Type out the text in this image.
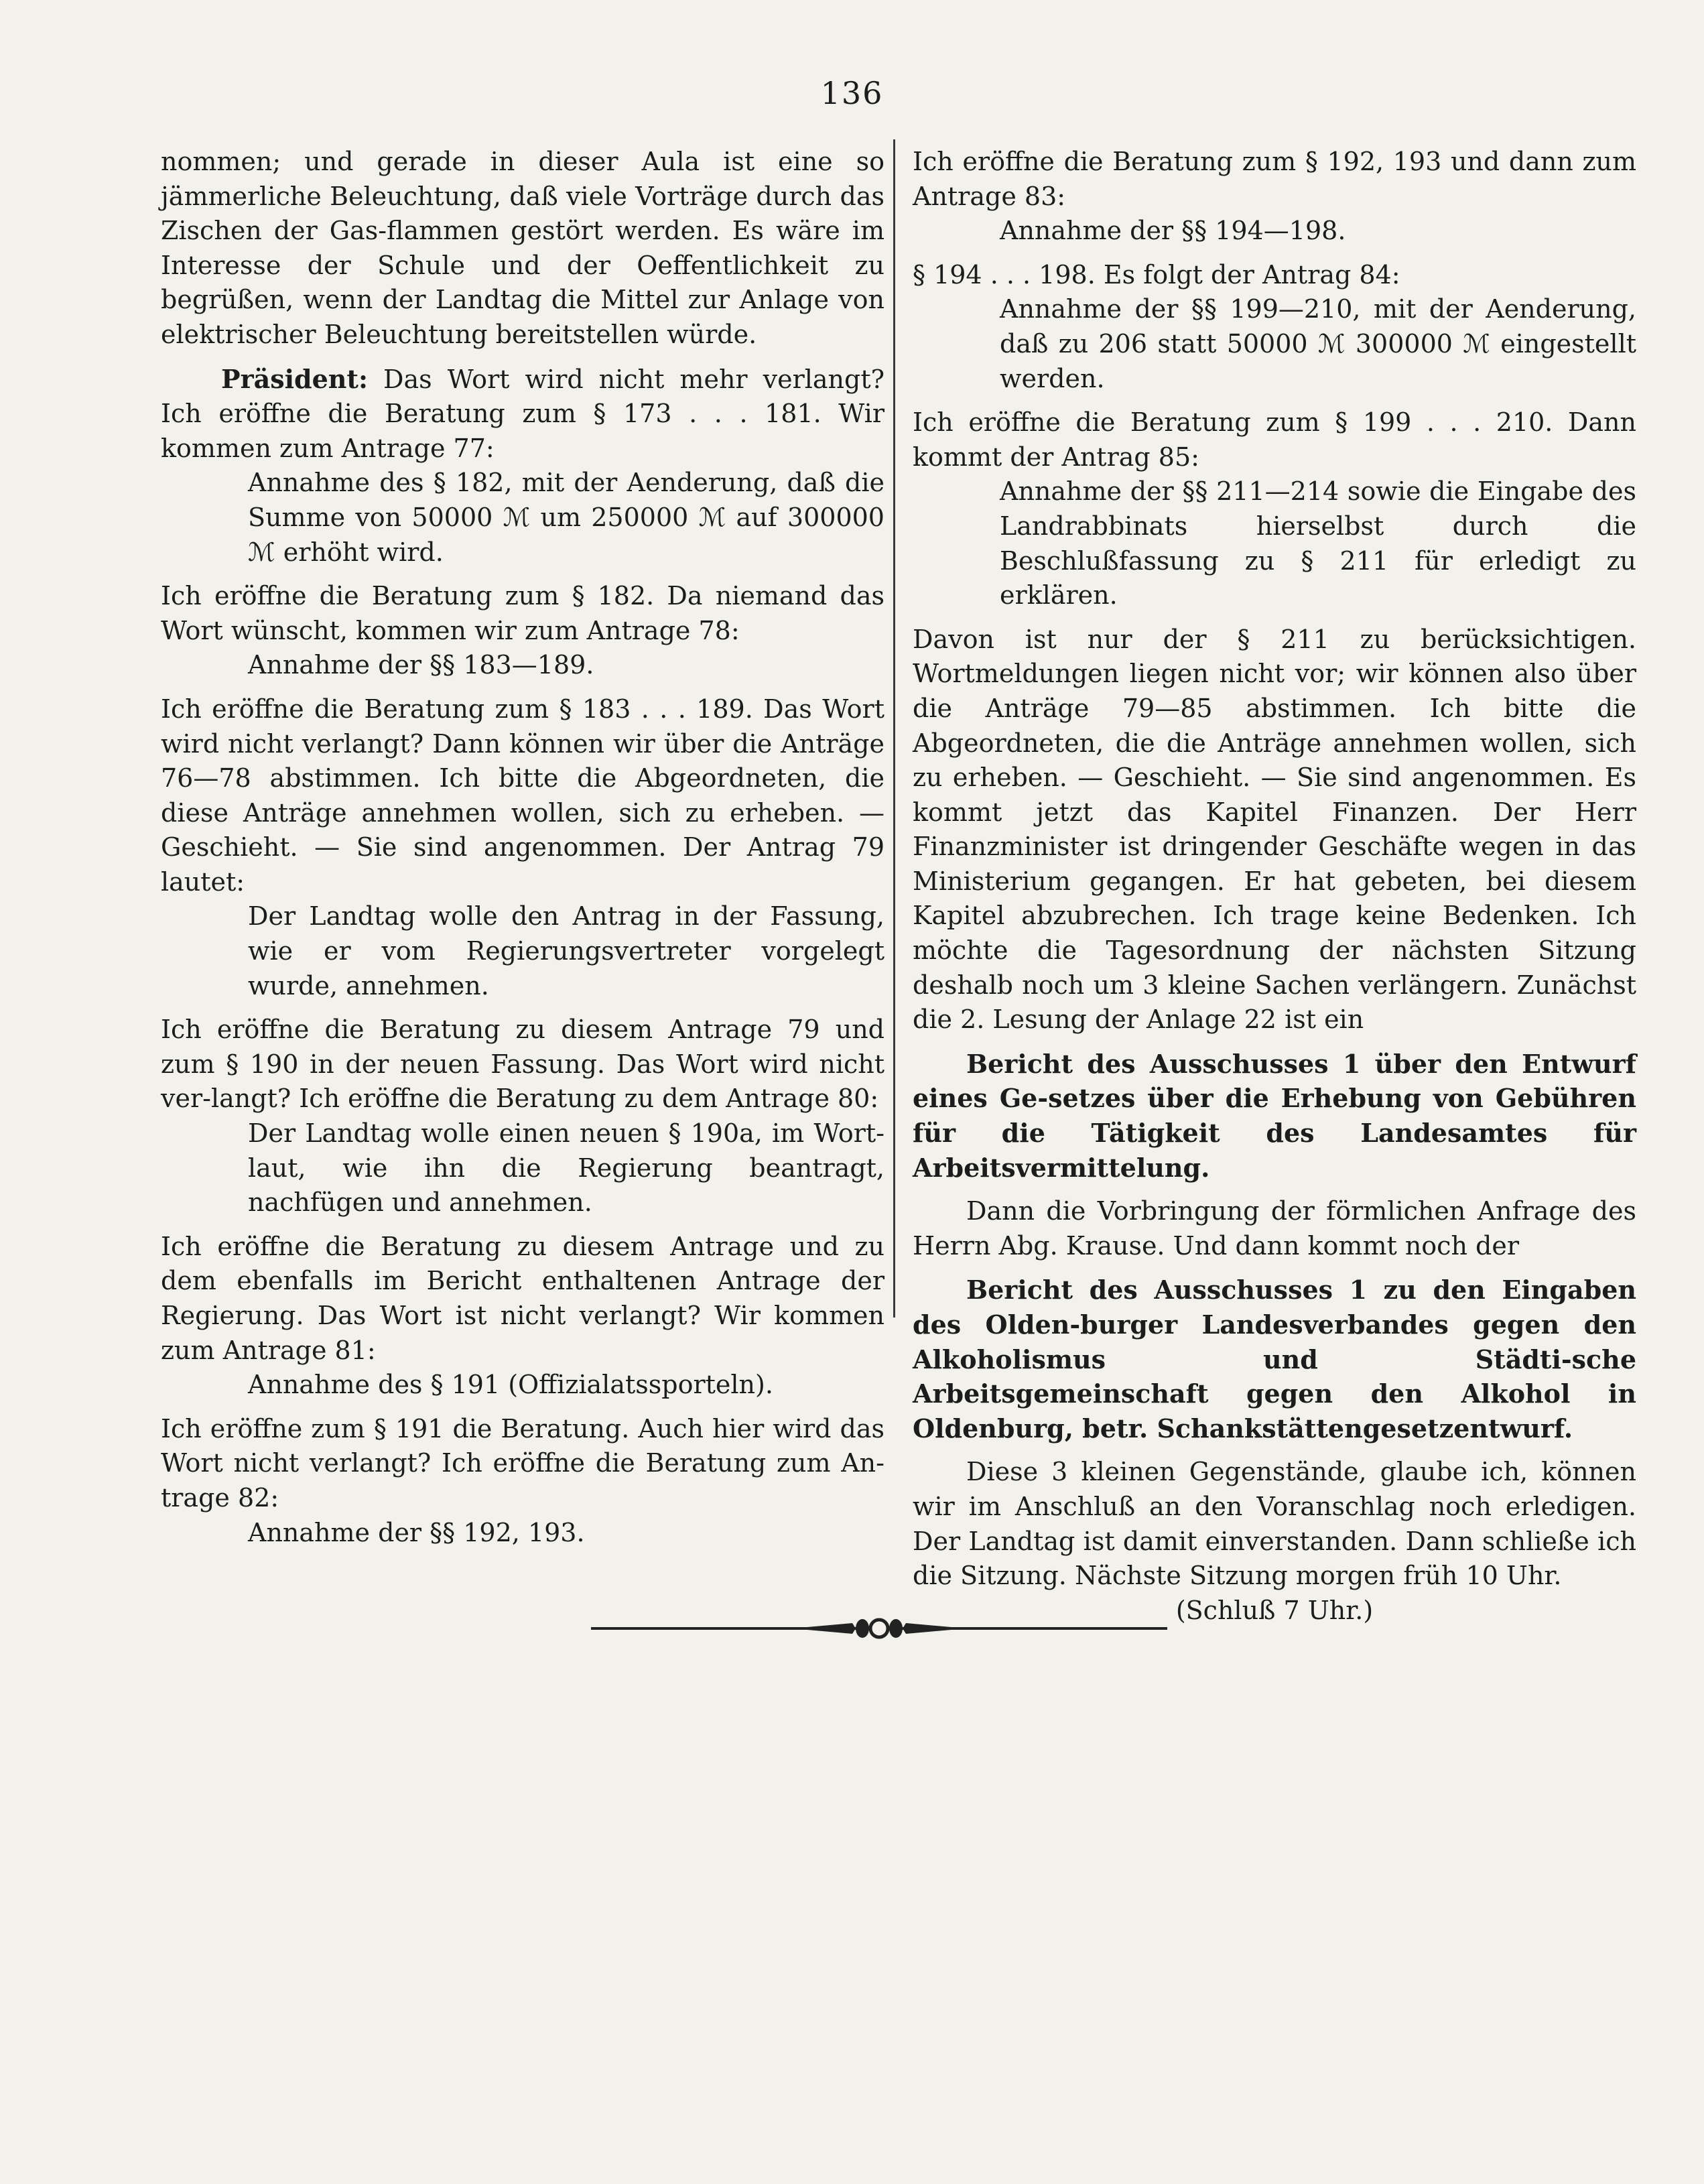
136

nommen; und gerade in dieser Aula ist eine so jämmerliche Beleuchtung, daß viele Vorträge durch das Zischen der Gas-flammen gestört werden. Es wäre im Interesse der Schule und der Oeffentlichkeit zu begrüßen, wenn der Landtag die Mittel zur Anlage von elektrischer Beleuchtung bereitstellen würde.

Präsident: Das Wort wird nicht mehr verlangt? Ich eröffne die Beratung zum § 173 . . . 181. Wir kommen zum Antrage 77:

Annahme des § 182, mit der Aenderung, daß die Summe von 50000 ℳ um 250000 ℳ auf 300000 ℳ erhöht wird.

Ich eröffne die Beratung zum § 182. Da niemand das Wort wünscht, kommen wir zum Antrage 78:

Annahme der §§ 183—189.

Ich eröffne die Beratung zum § 183 . . . 189. Das Wort wird nicht verlangt? Dann können wir über die Anträge 76—78 abstimmen. Ich bitte die Abgeordneten, die diese Anträge annehmen wollen, sich zu erheben. — Geschieht. — Sie sind angenommen. Der Antrag 79 lautet:

Der Landtag wolle den Antrag in der Fassung, wie er vom Regierungsvertreter vorgelegt wurde, annehmen.

Ich eröffne die Beratung zu diesem Antrage 79 und zum § 190 in der neuen Fassung. Das Wort wird nicht ver-langt? Ich eröffne die Beratung zu dem Antrage 80:

Der Landtag wolle einen neuen § 190a, im Wort-laut, wie ihn die Regierung beantragt, nachfügen und annehmen.

Ich eröffne die Beratung zu diesem Antrage und zu dem ebenfalls im Bericht enthaltenen Antrage der Regierung. Das Wort ist nicht verlangt? Wir kommen zum Antrage 81:

Annahme des § 191 (Offizialatssporteln).

Ich eröffne zum § 191 die Beratung. Auch hier wird das Wort nicht verlangt? Ich eröffne die Beratung zum An-trage 82:

Annahme der §§ 192, 193.

Ich eröffne die Beratung zum § 192, 193 und dann zum Antrage 83:

Annahme der §§ 194—198.

§ 194 . . . 198. Es folgt der Antrag 84:

Annahme der §§ 199—210, mit der Aenderung, daß zu 206 statt 50000 ℳ 300000 ℳ eingestellt werden.

Ich eröffne die Beratung zum § 199 . . . 210. Dann kommt der Antrag 85:

Annahme der §§ 211—214 sowie die Eingabe des Landrabbinats hierselbst durch die Beschlußfassung zu § 211 für erledigt zu erklären.

Davon ist nur der § 211 zu berücksichtigen. Wortmeldungen liegen nicht vor; wir können also über die Anträge 79—85 abstimmen. Ich bitte die Abgeordneten, die die Anträge annehmen wollen, sich zu erheben. — Geschieht. — Sie sind angenommen. Es kommt jetzt das Kapitel Finanzen. Der Herr Finanzminister ist dringender Geschäfte wegen in das Ministerium gegangen. Er hat gebeten, bei diesem Kapitel abzubrechen. Ich trage keine Bedenken. Ich möchte die Tagesordnung der nächsten Sitzung deshalb noch um 3 kleine Sachen verlängern. Zunächst die 2. Lesung der Anlage 22 ist ein

Bericht des Ausschusses 1 über den Entwurf eines Ge-setzes über die Erhebung von Gebühren für die Tätigkeit des Landesamtes für Arbeitsvermittelung.

Dann die Vorbringung der förmlichen Anfrage des Herrn Abg. Krause. Und dann kommt noch der

Bericht des Ausschusses 1 zu den Eingaben des Olden-burger Landesverbandes gegen den Alkoholismus und Städti-sche Arbeitsgemeinschaft gegen den Alkohol in Oldenburg, betr. Schankstättengesetzentwurf.

Diese 3 kleinen Gegenstände, glaube ich, können wir im Anschluß an den Voranschlag noch erledigen. Der Landtag ist damit einverstanden. Dann schließe ich die Sitzung. Nächste Sitzung morgen früh 10 Uhr.

(Schluß 7 Uhr.)
